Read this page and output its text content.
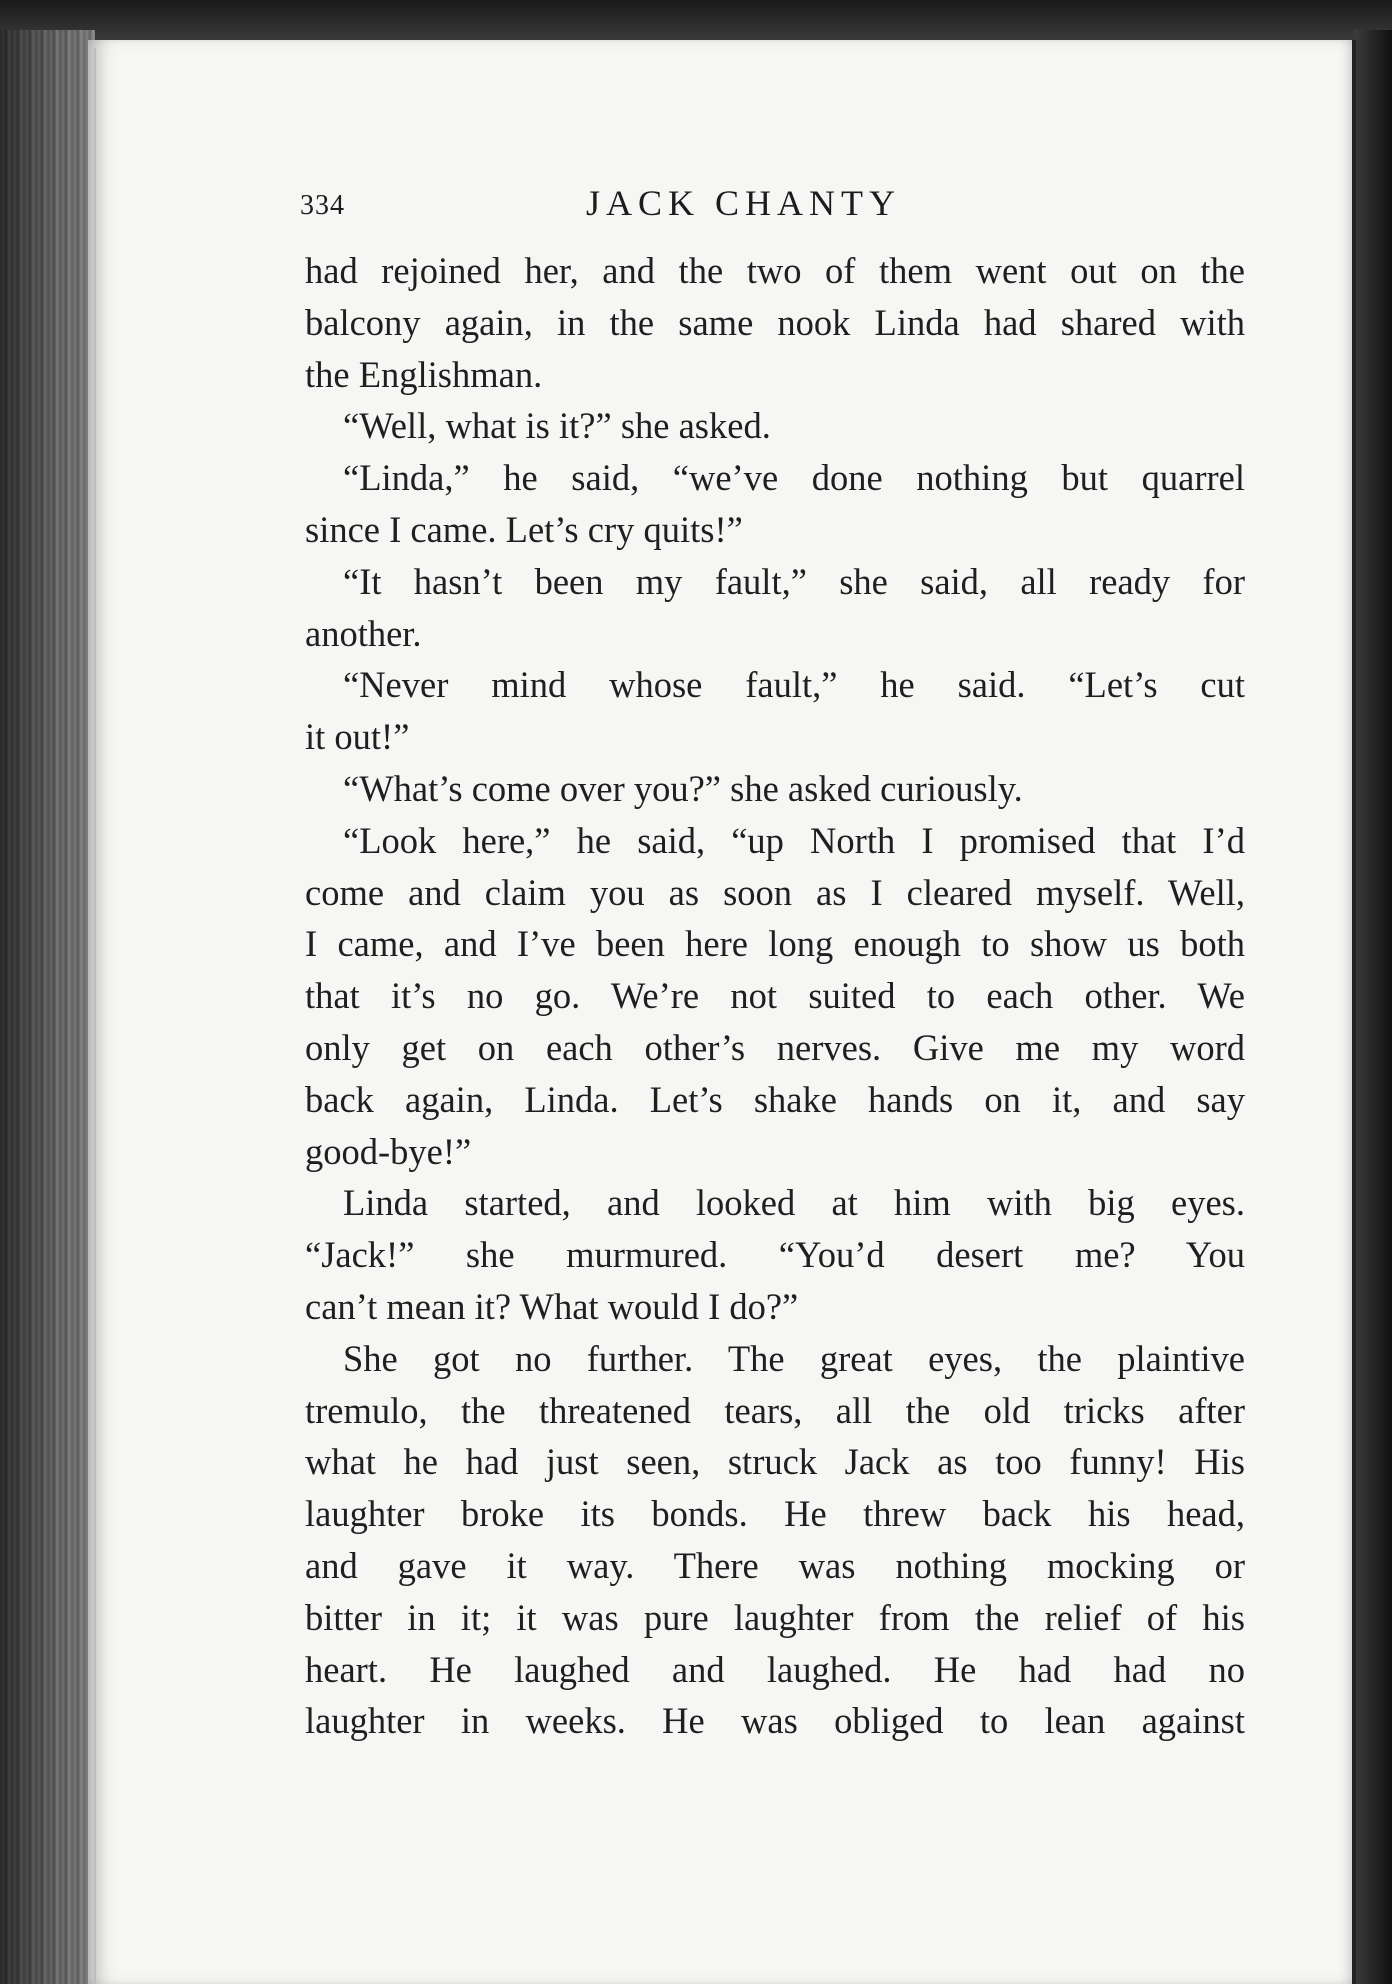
334	JACK CHANTY
had rejoined her, and the two of them went out on the
balcony again, in the same nook Linda had shared with
the Englishman.
“Well, what is it?” she asked.
“Linda,” he said, “we’ve done nothing but quarrel
since I came. Let’s cry quits!”
“It hasn’t been my fault,” she said, all ready for
another.
“Never mind whose fault,” he said. “Let’s cut
it out!”
“What’s come over you?” she asked curiously.
“Look here,” he said, “up North I promised that I’d
come and claim you as soon as I cleared myself. Well,
I came, and I’ve been here long enough to show us both
that it’s no go. We’re not suited to each other. We
only get on each other’s nerves. Give me my word
back again, Linda. Let’s shake hands on it, and say
good-bye!”
Linda started, and looked at him with big eyes.
“Jack!” she murmured. “You’d desert me? You
can’t mean it? What would I do?”
She got no further. The great eyes, the plaintive
tremulo, the threatened tears, all the old tricks after
what he had just seen, struck Jack as too funny! His
laughter broke its bonds. He threw back his head,
and gave it way. There was nothing mocking or
bitter in it; it was pure laughter from the relief of his
heart. He laughed and laughed. He had had no
laughter in weeks. He was obliged to lean against
